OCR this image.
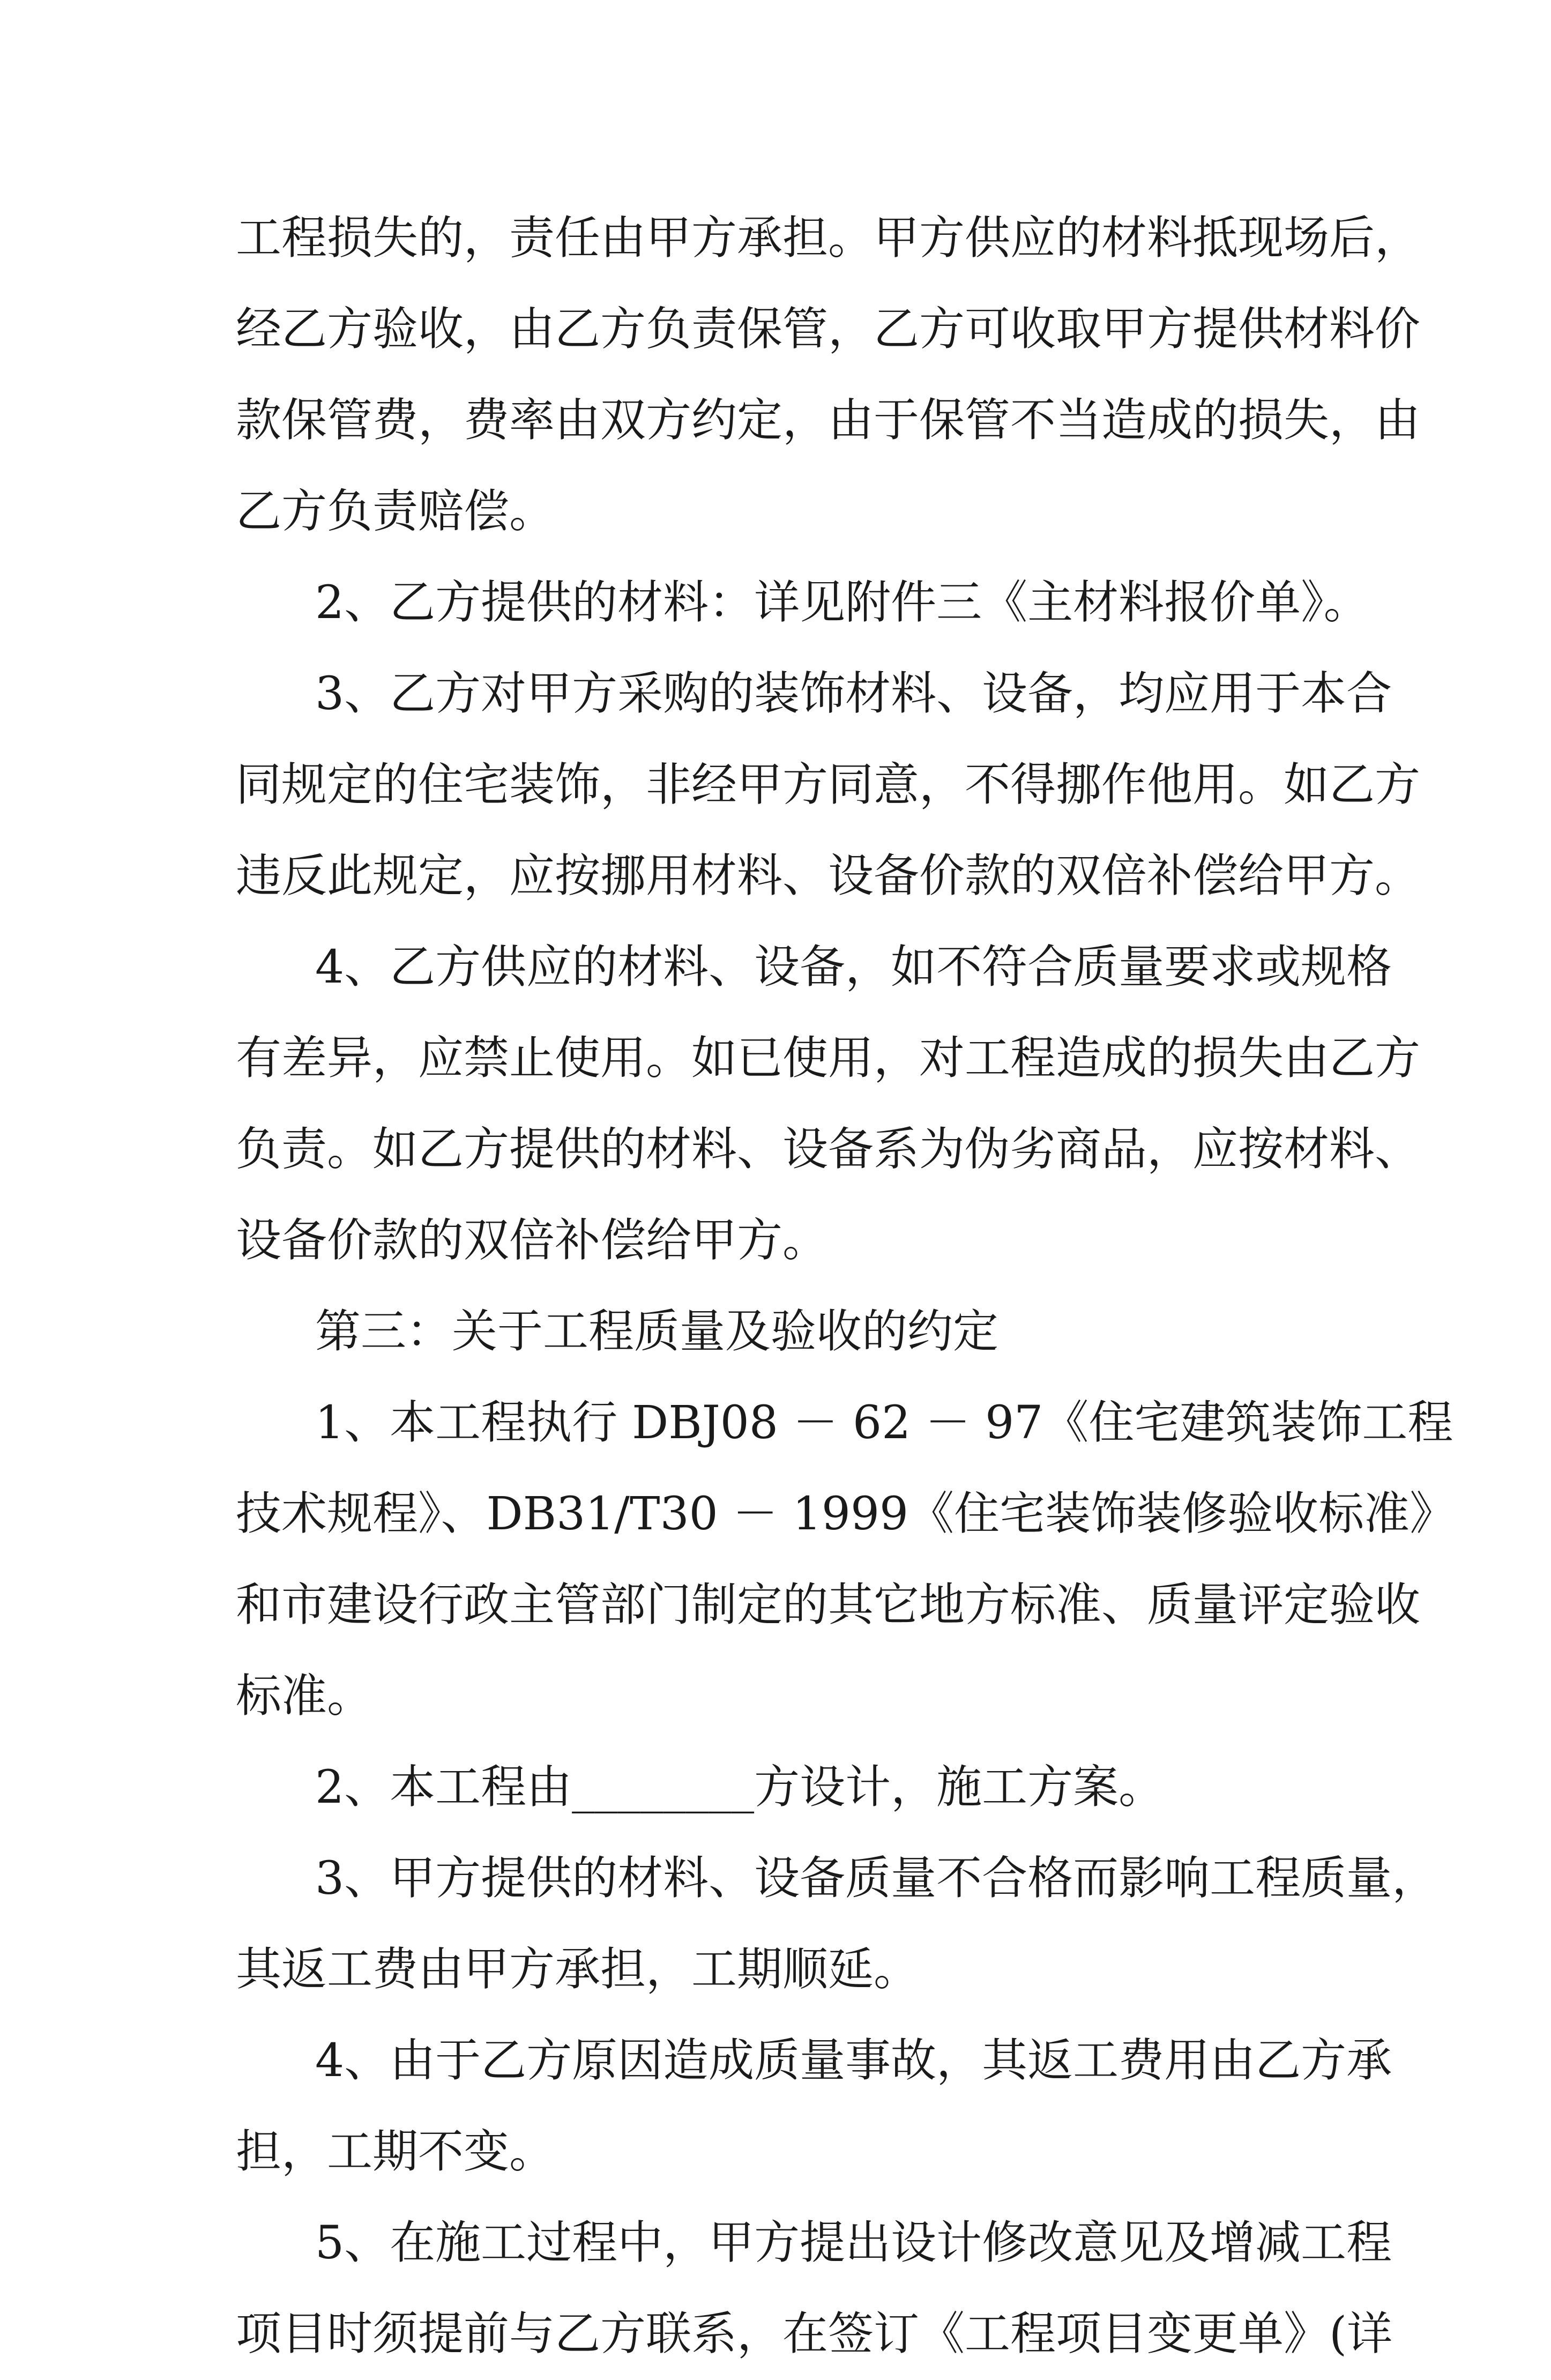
工程损失的，责任由甲方承担。甲方供应的材料抵现场后，
经乙方验收，由乙方负责保管，乙方可收取甲方提供材料价
款保管费，费率由双方约定，由于保管不当造成的损失，由
乙方负责赔偿。
2、乙方提供的材料：详见附件三《主材料报价单》。
3、乙方对甲方采购的装饰材料、设备，均应用于本合
同规定的住宅装饰，非经甲方同意，不得挪作他用。如乙方
违反此规定，应按挪用材料、设备价款的双倍补偿给甲方。
4、乙方供应的材料、设备，如不符合质量要求或规格
有差异，应禁止使用。如已使用，对工程造成的损失由乙方
负责。如乙方提供的材料、设备系为伪劣商品，应按材料、
设备价款的双倍补偿给甲方。
第三：关于工程质量及验收的约定
1、本工程执行 DBJ08 － 62 － 97《住宅建筑装饰工程
技术规程》、DB31/T30 － 1999《住宅装饰装修验收标准》
和市建设行政主管部门制定的其它地方标准、质量评定验收
标准。
2、本工程由________方设计，施工方案。
3、甲方提供的材料、设备质量不合格而影响工程质量，
其返工费由甲方承担，工期顺延。
4、由于乙方原因造成质量事故，其返工费用由乙方承
担，工期不变。
5、在施工过程中，甲方提出设计修改意见及增减工程
项目时须提前与乙方联系，在签订《工程项目变更单》(详
